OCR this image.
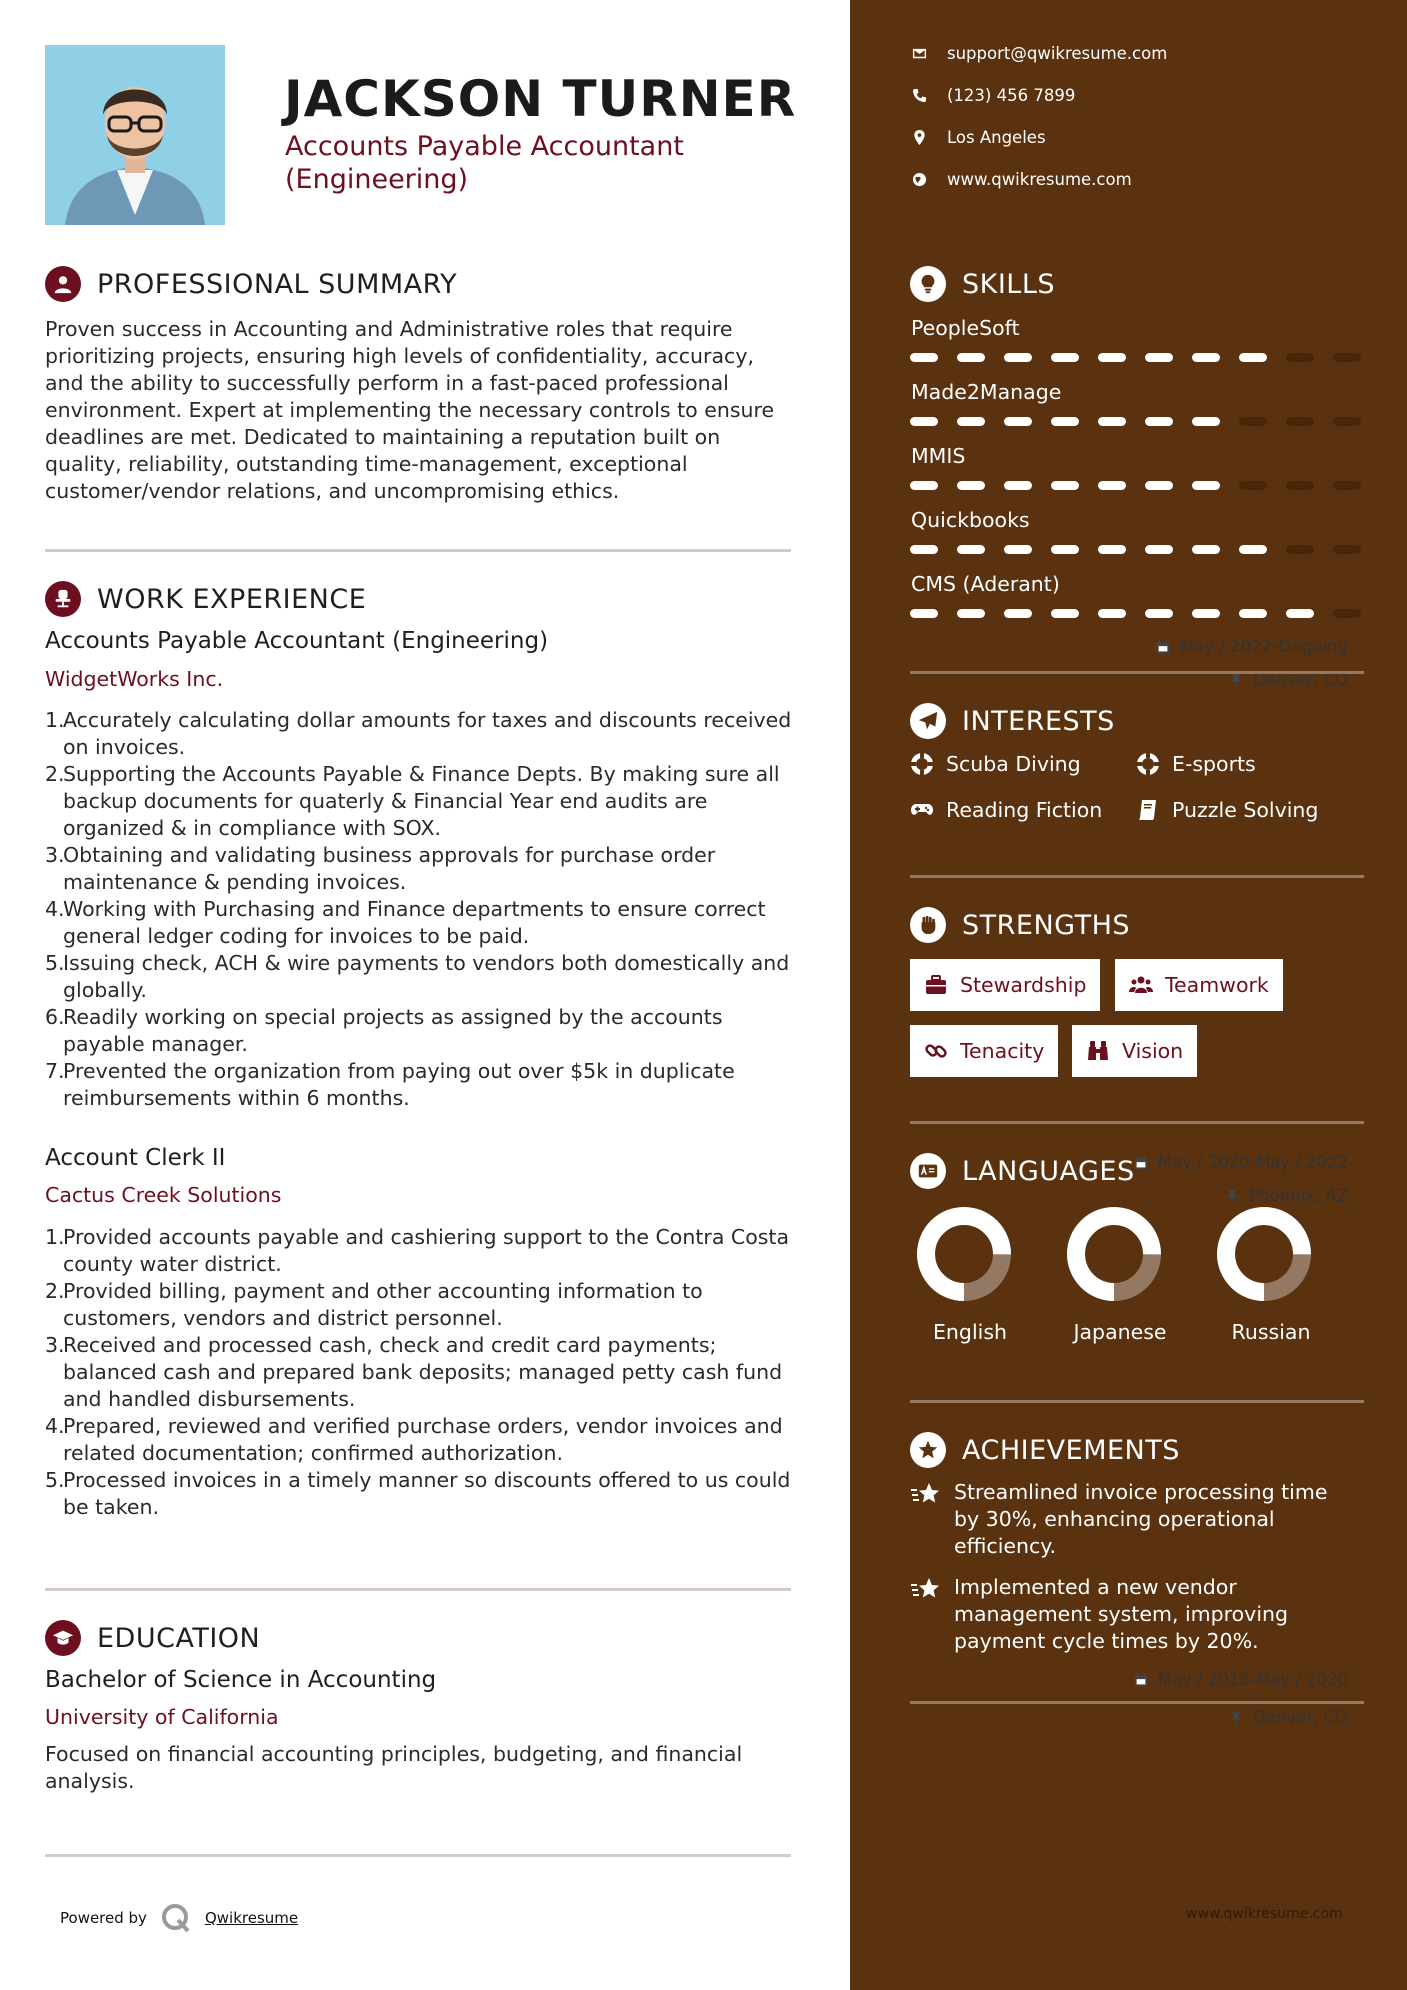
JACKSON TURNER
Accounts Payable Accountant (Engineering)
PROFESSIONAL SUMMARY
Proven success in Accounting and Administrative roles that require prioritizing projects, ensuring high levels of confidentiality, accuracy, and the ability to successfully perform in a fast-paced professional environment. Expert at implementing the necessary controls to ensure deadlines are met. Dedicated to maintaining a reputation built on quality, reliability, outstanding time-management, exceptional customer/vendor relations, and uncompromising ethics.
WORK EXPERIENCE
Accounts Payable Accountant (Engineering)	May / 2022-Ongoing
WidgetWorks Inc.	Denver, CO
1.
Accurately calculating dollar amounts for taxes and discounts received on invoices.
2.
Supporting the Accounts Payable & Finance Depts. By making sure all backup documents for quaterly & Financial Year end audits are organized & in compliance with SOX.
3.
Obtaining and validating business approvals for purchase order maintenance & pending invoices.
4.
Working with Purchasing and Finance departments to ensure correct general ledger coding for invoices to be paid.
5.
Issuing check, ACH & wire payments to vendors both domestically and globally.
6.
Readily working on special projects as assigned by the accounts payable manager.
7.
Prevented the organization from paying out over $5k in duplicate reimbursements within 6 months.
Account Clerk II	May / 2020-May / 2022
Cactus Creek Solutions	Phoenix, AZ
1.
Provided accounts payable and cashiering support to the Contra Costa county water district.
2.
Provided billing, payment and other accounting information to customers, vendors and district personnel.
3.
Received and processed cash, check and credit card payments; balanced cash and prepared bank deposits; managed petty cash fund and handled disbursements.
4.
Prepared, reviewed and verified purchase orders, vendor invoices and related documentation; confirmed authorization.
5.
Processed invoices in a timely manner so discounts offered to us could be taken.
EDUCATION
Bachelor of Science in Accounting	May / 2018-May / 2020
University of California	Denver, CO
Focused on financial accounting principles, budgeting, and financial analysis.
Powered by	Qwikresume
support@qwikresume.com
(123) 456 7899
Los Angeles
www.qwikresume.com
SKILLS
PeopleSoft
Made2Manage
MMIS
Quickbooks
CMS (Aderant)
INTERESTS
Scuba Diving	E-sports
Reading Fiction	Puzzle Solving
STRENGTHS
Stewardship	Teamwork
Tenacity	Vision
LANGUAGES
English	Japanese	Russian
ACHIEVEMENTS
Streamlined invoice processing time by 30%, enhancing operational efficiency.
Implemented a new vendor management system, improving payment cycle times by 20%.
www.qwikresume.com
